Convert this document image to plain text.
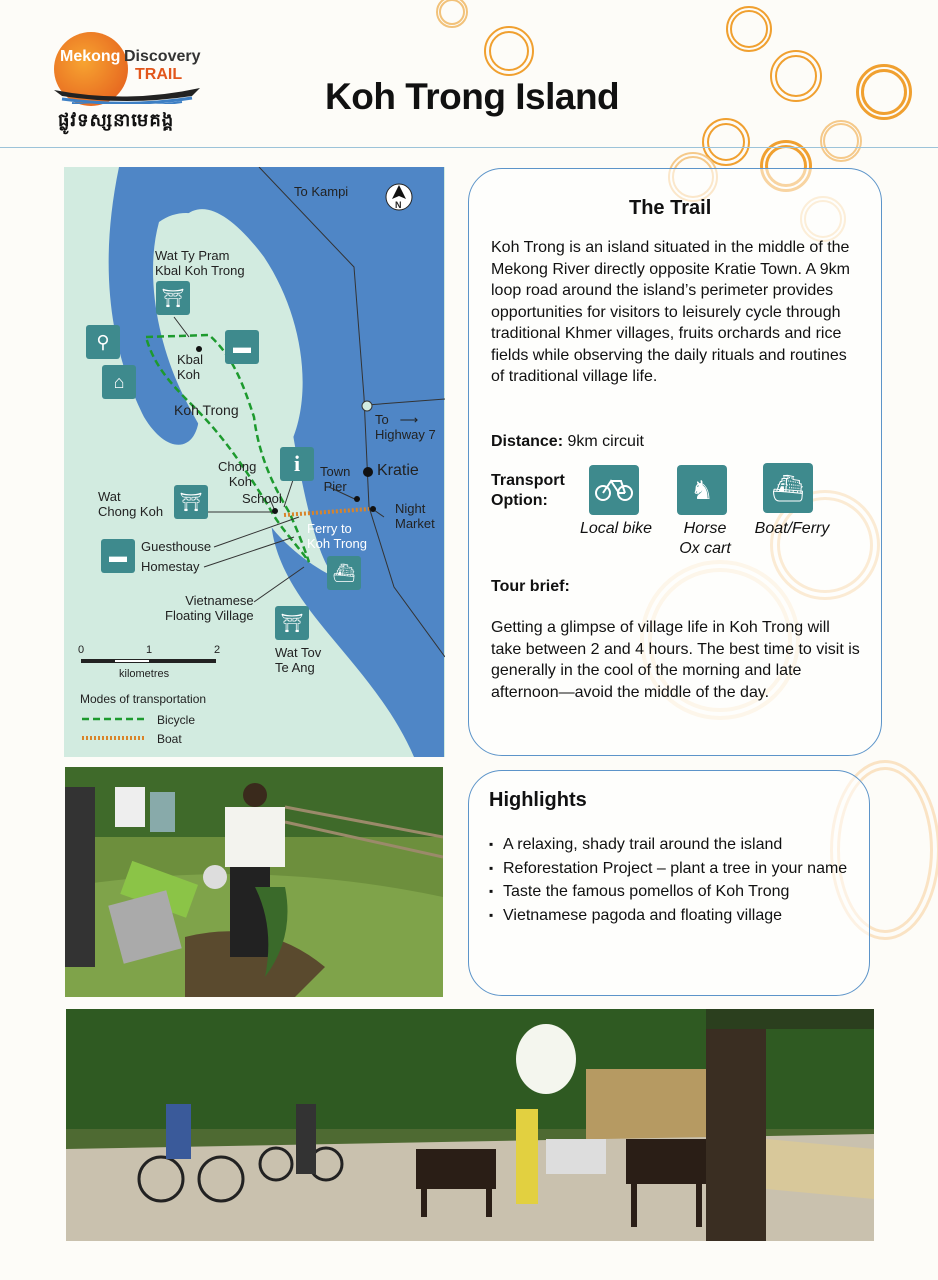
Mekong Discovery
TRAIL
ផ្លូវទស្សនាមេគង្គ
Koh Trong Island
To Kampi
N
Wat Ty Pram
Kbal Koh Trong
⛩
⚲
⌂
▬
Kbal
Koh
Koh Trong
To   ⟶
Highway 7
i
Chong
Koh
School
Town
Pier
Kratie
Night
Market
Wat
Chong Koh ⛩
Ferry to
Koh Trong
▬	Guesthouse
Homestay	⛴
Vietnamese
Floating Village	⛩
Wat Tov
Te Ang
0	1	2
kilometres
Modes of transportation
Bicycle
Boat
The Trail
Koh Trong is an island situated in the middle of the Mekong River directly opposite Kratie Town. A 9km loop road around the island’s perimeter provides opportunities for visitors to leisurely cycle through traditional Khmer villages, fruits orchards and rice fields while observing the daily rituals and routines of traditional village life.
Distance: 9km circuit
Transport
Option:	♞	⛴
Local bike	Horse
Ox cart
Boat/Ferry
Tour brief:
Getting a glimpse of village life in Koh Trong will take between 2 and 4 hours. The best time to visit is generally in the cool of the morning and late afternoon—avoid the middle of the day.
Highlights
▪ A relaxing, shady trail around the island
▪ Reforestation Project – plant a tree in your name
▪ Taste the famous pomellos of Koh Trong
▪ Vietnamese pagoda and floating village
